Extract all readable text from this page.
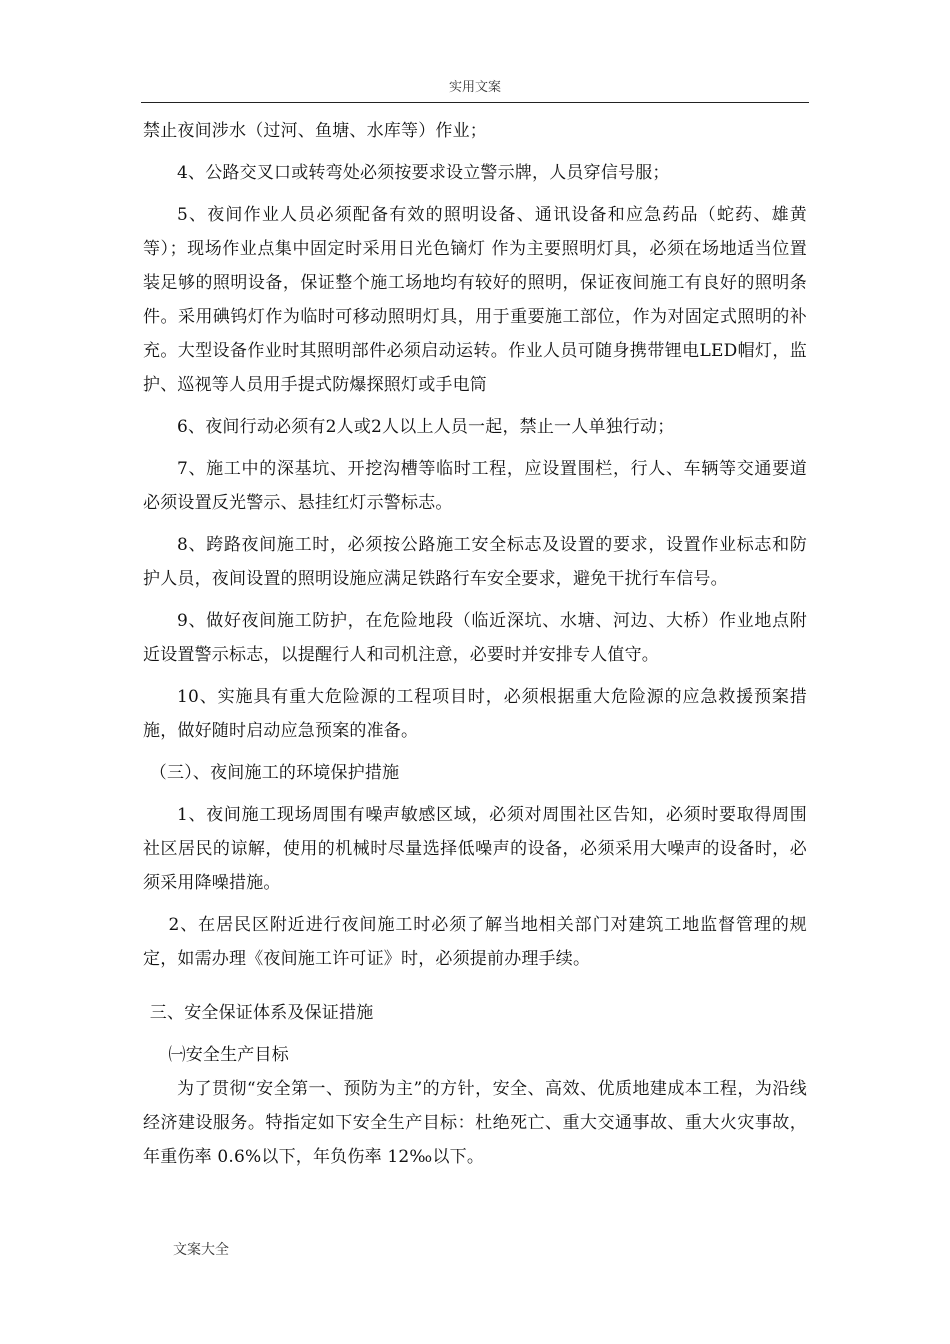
实用文案

禁止夜间涉水（过河、鱼塘、水库等）作业；

4、公路交叉口或转弯处必须按要求设立警示牌，人员穿信号服；

5、夜间作业人员必须配备有效的照明设备、通讯设备和应急药品（蛇药、雄黄等）；现场作业点集中固定时采用日光色镝灯 作为主要照明灯具，必须在场地适当位置装足够的照明设备，保证整个施工场地均有较好的照明，保证夜间施工有良好的照明条件。采用碘钨灯作为临时可移动照明灯具，用于重要施工部位，作为对固定式照明的补充。大型设备作业时其照明部件必须启动运转。作业人员可随身携带锂电LED帽灯，监护、巡视等人员用手提式防爆探照灯或手电筒

6、夜间行动必须有2人或2人以上人员一起，禁止一人单独行动；

7、施工中的深基坑、开挖沟槽等临时工程，应设置围栏，行人、车辆等交通要道必须设置反光警示、悬挂红灯示警标志。

8、跨路夜间施工时，必须按公路施工安全标志及设置的要求，设置作业标志和防护人员，夜间设置的照明设施应满足铁路行车安全要求，避免干扰行车信号。

9、做好夜间施工防护，在危险地段（临近深坑、水塘、河边、大桥）作业地点附近设置警示标志，以提醒行人和司机注意，必要时并安排专人值守。

10、实施具有重大危险源的工程项目时，必须根据重大危险源的应急救援预案措施，做好随时启动应急预案的准备。

（三）、夜间施工的环境保护措施

1、夜间施工现场周围有噪声敏感区域，必须对周围社区告知，必须时要取得周围社区居民的谅解，使用的机械时尽量选择低噪声的设备，必须采用大噪声的设备时，必须采用降噪措施。

2、在居民区附近进行夜间施工时必须了解当地相关部门对建筑工地监督管理的规定，如需办理《夜间施工许可证》时，必须提前办理手续。

三、安全保证体系及保证措施

㈠安全生产目标

为了贯彻“安全第一、预防为主”的方针，安全、高效、优质地建成本工程，为沿线经济建设服务。特指定如下安全生产目标：杜绝死亡、重大交通事故、重大火灾事故，年重伤率 0.6%以下，年负伤率 12‰以下。

文案大全
